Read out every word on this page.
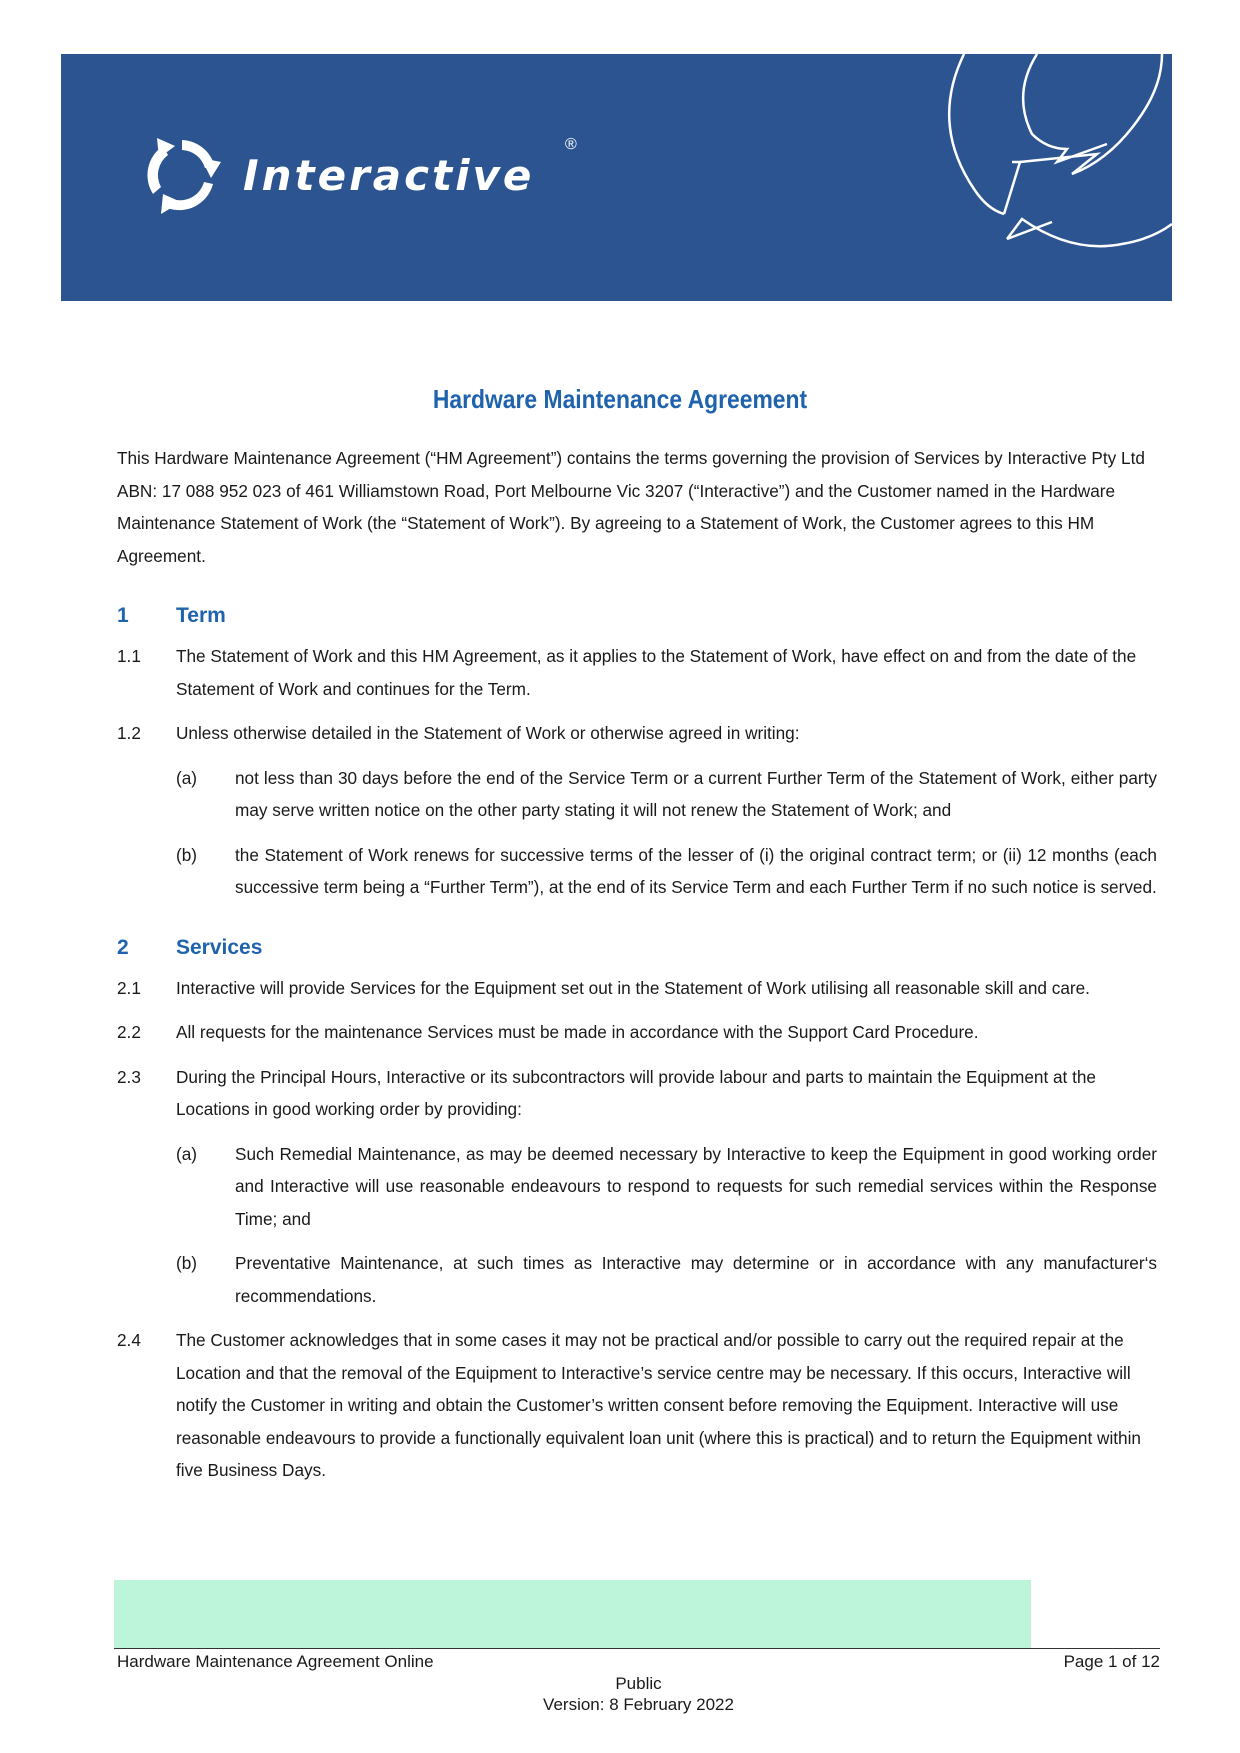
Interactive
®
Hardware Maintenance Agreement

This Hardware Maintenance Agreement (“HM Agreement”) contains the terms governing the provision of Services by Interactive Pty Ltd ABN: 17 088 952 023 of 461 Williamstown Road, Port Melbourne Vic 3207 (“Interactive”) and the Customer named in the Hardware Maintenance Statement of Work (the “Statement of Work”). By agreeing to a Statement of Work, the Customer agrees to this HM Agreement.

1	Term
1.1	The Statement of Work and this HM Agreement, as it applies to the Statement of Work, have effect on and from the date of the Statement of Work and continues for the Term.
1.2	Unless otherwise detailed in the Statement of Work or otherwise agreed in writing:
(a)	not less than 30 days before the end of the Service Term or a current Further Term of the Statement of Work, either party may serve written notice on the other party stating it will not renew the Statement of Work; and
(b)	the Statement of Work renews for successive terms of the lesser of (i) the original contract term; or (ii) 12 months (each successive term being a “Further Term”), at the end of its Service Term and each Further Term if no such notice is served.
2	Services
2.1	Interactive will provide Services for the Equipment set out in the Statement of Work utilising all reasonable skill and care.
2.2	All requests for the maintenance Services must be made in accordance with the Support Card Procedure.
2.3	During the Principal Hours, Interactive or its subcontractors will provide labour and parts to maintain the Equipment at the Locations in good working order by providing:
(a)	Such Remedial Maintenance, as may be deemed necessary by Interactive to keep the Equipment in good working order and Interactive will use reasonable endeavours to respond to requests for such remedial services within the Response Time; and
(b)	Preventative Maintenance, at such times as Interactive may determine or in accordance with any manufacturer‘s recommendations.
2.4	The Customer acknowledges that in some cases it may not be practical and/or possible to carry out the required repair at the Location and that the removal of the Equipment to Interactive’s service centre may be necessary. If this occurs, Interactive will notify the Customer in writing and obtain the Customer’s written consent before removing the Equipment. Interactive will use reasonable endeavours to provide a functionally equivalent loan unit (where this is practical) and to return the Equipment within five Business Days.
Hardware Maintenance Agreement Online	Page 1 of 12
Public
Version: 8 February 2022
